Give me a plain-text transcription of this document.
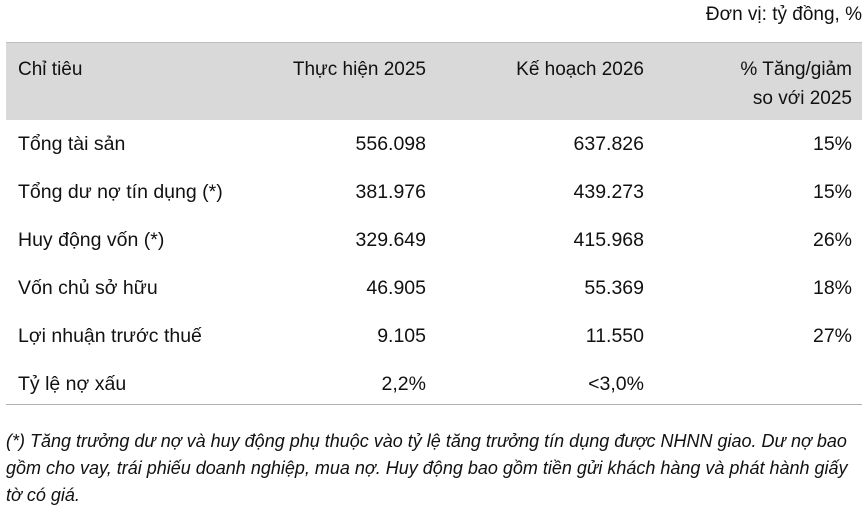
Đơn vị: tỷ đồng, %
Chỉ tiêu	Thực hiện 2025	Kế hoạch 2026	% Tăng/giảm
so với 2025
Tổng tài sản	556.098	637.826	15%
Tổng dư nợ tín dụng (*)	381.976	439.273	15%
Huy động vốn (*)	329.649	415.968	26%
Vốn chủ sở hữu	46.905	55.369	18%
Lợi nhuận trước thuế	9.105	11.550	27%
Tỷ lệ nợ xấu	2,2%	<3,0%
(*) Tăng trưởng dư nợ và huy động phụ thuộc vào tỷ lệ tăng trưởng tín dụng được NHNN giao. Dư nợ bao gồm cho vay, trái phiếu doanh nghiệp, mua nợ. Huy động bao gồm tiền gửi khách hàng và phát hành giấy tờ có giá.
